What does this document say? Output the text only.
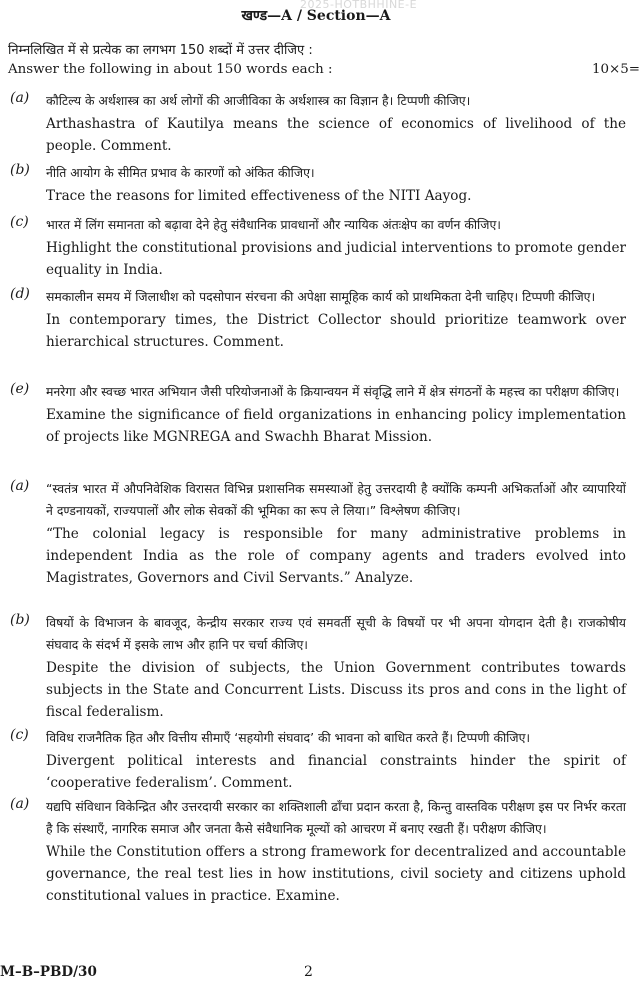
2025-HOTBHHINE-E
खण्ड—A / Section—A
निम्नलिखित में से प्रत्येक का लगभग 150 शब्दों में उत्तर दीजिए :
Answer the following in about 150 words each :	10×5=
(a) कौटिल्य के अर्थशास्त्र का अर्थ लोगों की आजीविका के अर्थशास्त्र का विज्ञान है। टिप्पणी कीजिए।
Arthashastra of Kautilya means the science of economics of livelihood of the people. Comment.
(b) नीति आयोग के सीमित प्रभाव के कारणों को अंकित कीजिए।
Trace the reasons for limited effectiveness of the NITI Aayog.
(c) भारत में लिंग समानता को बढ़ावा देने हेतु संवैधानिक प्रावधानों और न्यायिक अंतःक्षेप का वर्णन कीजिए।
Highlight the constitutional provisions and judicial interventions to promote gender equality in India.
(d) समकालीन समय में जिलाधीश को पदसोपान संरचना की अपेक्षा सामूहिक कार्य को प्राथमिकता देनी चाहिए। टिप्पणी कीजिए।
In contemporary times, the District Collector should prioritize teamwork over hierarchical structures. Comment.
(e) मनरेगा और स्वच्छ भारत अभियान जैसी परियोजनाओं के क्रियान्वयन में संवृद्धि लाने में क्षेत्र संगठनों के महत्त्व का परीक्षण कीजिए।
Examine the significance of field organizations in enhancing policy implementation of projects like MGNREGA and Swachh Bharat Mission.
(a) “स्वतंत्र भारत में औपनिवेशिक विरासत विभिन्न प्रशासनिक समस्याओं हेतु उत्तरदायी है क्योंकि कम्पनी अभिकर्ताओं और व्यापारियों ने दण्डनायकों, राज्यपालों और लोक सेवकों की भूमिका का रूप ले लिया।” विश्लेषण कीजिए।
“The colonial legacy is responsible for many administrative problems in independent India as the role of company agents and traders evolved into Magistrates, Governors and Civil Servants.” Analyze.
(b) विषयों के विभाजन के बावजूद, केन्द्रीय सरकार राज्य एवं समवर्ती सूची के विषयों पर भी अपना योगदान देती है। राजकोषीय संघवाद के संदर्भ में इसके लाभ और हानि पर चर्चा कीजिए।
Despite the division of subjects, the Union Government contributes towards subjects in the State and Concurrent Lists. Discuss its pros and cons in the light of fiscal federalism.
(c) विविध राजनैतिक हित और वित्तीय सीमाएँ ‘सहयोगी संघवाद’ की भावना को बाधित करते हैं। टिप्पणी कीजिए।
Divergent political interests and financial constraints hinder the spirit of ‘cooperative federalism’. Comment.
(a) यद्यपि संविधान विकेन्द्रित और उत्तरदायी सरकार का शक्तिशाली ढाँचा प्रदान करता है, किन्तु वास्तविक परीक्षण इस पर निर्भर करता है कि संस्थाएँ, नागरिक समाज और जनता कैसे संवैधानिक मूल्यों को आचरण में बनाए रखती हैं। परीक्षण कीजिए।
While the Constitution offers a strong framework for decentralized and accountable governance, the real test lies in how institutions, civil society and citizens uphold constitutional values in practice. Examine.
M–B–PBD/30	2
